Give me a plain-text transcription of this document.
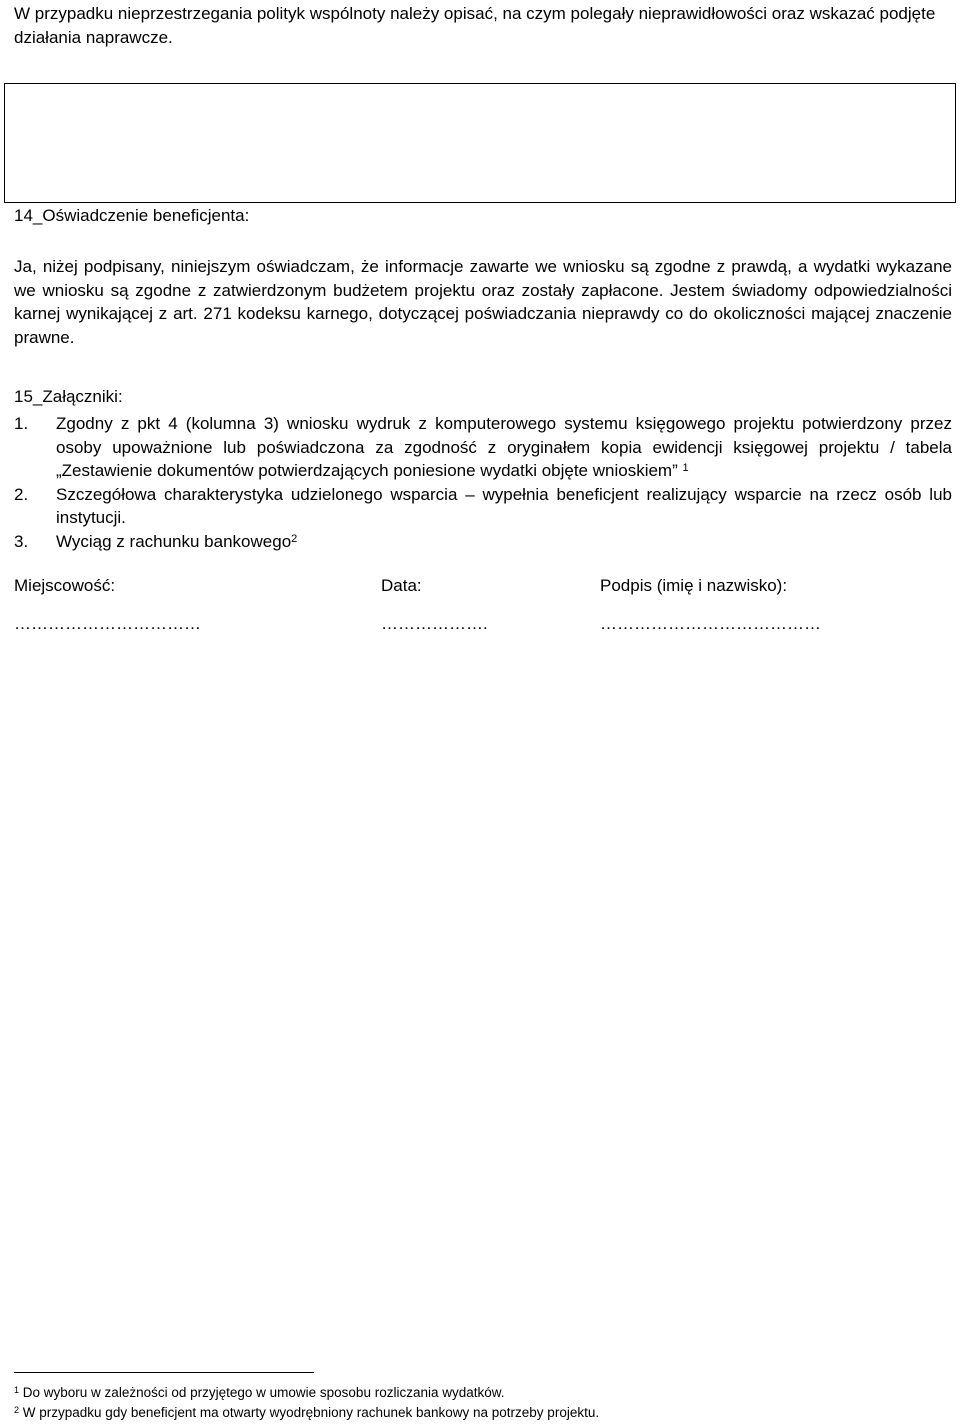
W przypadku nieprzestrzegania polityk wspólnoty należy opisać, na czym polegały nieprawidłowości oraz wskazać podjęte działania naprawcze.
14_Oświadczenie beneficjenta:
Ja, niżej podpisany, niniejszym oświadczam, że informacje zawarte we wniosku są zgodne z prawdą, a wydatki wykazane we wniosku są zgodne z zatwierdzonym budżetem projektu oraz zostały zapłacone. Jestem świadomy odpowiedzialności karnej wynikającej z art. 271 kodeksu karnego, dotyczącej poświadczania nieprawdy co do okoliczności mającej znaczenie prawne.
15_Załączniki:
1. Zgodny z pkt 4 (kolumna 3) wniosku wydruk z komputerowego systemu księgowego projektu potwierdzony przez osoby upoważnione lub poświadczona za zgodność z oryginałem kopia ewidencji księgowej projektu / tabela „Zestawienie dokumentów potwierdzających poniesione wydatki objęte wnioskiem” $^1$
2. Szczegółowa charakterystyka udzielonego wsparcia – wypełnia beneficjent realizujący wsparcie na rzecz osób lub instytucji.
3. Wyciąg z rachunku bankowego$^2$
Miejscowość:	Data:	Podpis (imię i nazwisko):
……………………………	……………….	…………………………………
$^1$ Do wyboru w zależności od przyjętego w umowie sposobu rozliczania wydatków.
$^2$ W przypadku gdy beneficjent ma otwarty wyodrębniony rachunek bankowy na potrzeby projektu.
